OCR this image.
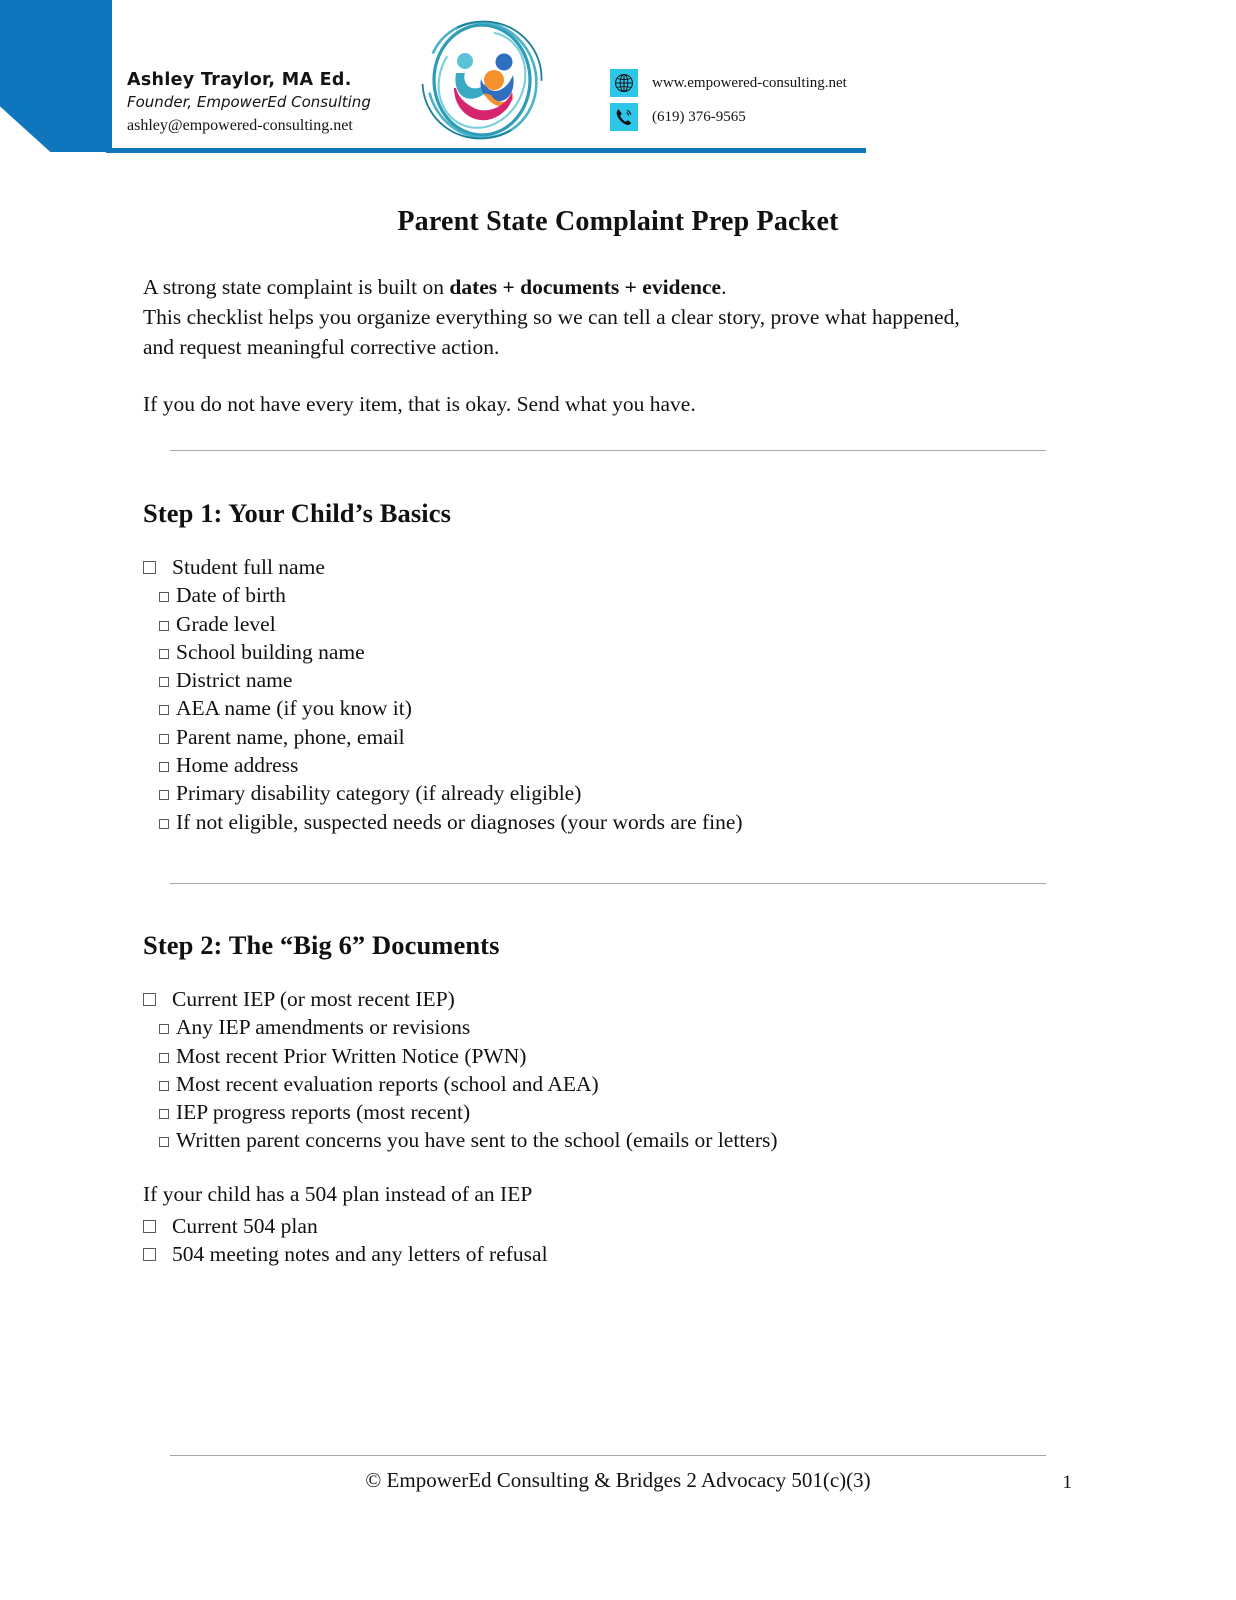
Ashley Traylor, MA Ed.
Founder, EmpowerEd Consulting
ashley@empowered-consulting.net
www.empowered-consulting.net
(619) 376-9565
Parent State Complaint Prep Packet
A strong state complaint is built on dates + documents + evidence.
This checklist helps you organize everything so we can tell a clear story, prove what happened,
and request meaningful corrective action.
If you do not have every item, that is okay. Send what you have.
Step 1: Your Child’s Basics
Student full name
Date of birth
Grade level
School building name
District name
AEA name (if you know it)
Parent name, phone, email
Home address
Primary disability category (if already eligible)
If not eligible, suspected needs or diagnoses (your words are fine)
Step 2: The “Big 6” Documents
Current IEP (or most recent IEP)
Any IEP amendments or revisions
Most recent Prior Written Notice (PWN)
Most recent evaluation reports (school and AEA)
IEP progress reports (most recent)
Written parent concerns you have sent to the school (emails or letters)
If your child has a 504 plan instead of an IEP
Current 504 plan
504 meeting notes and any letters of refusal
© EmpowerEd Consulting & Bridges 2 Advocacy 501(c)(3)	1
